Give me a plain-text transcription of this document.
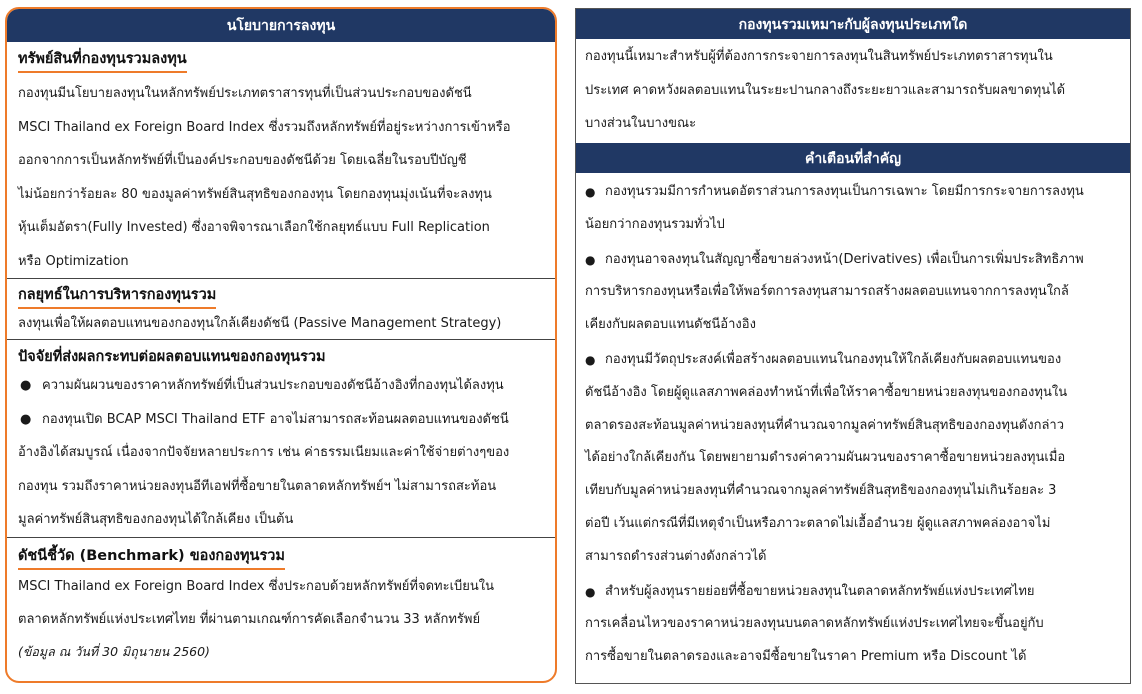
นโยบายการลงทุน
ทรัพย์สินที่กองทุนรวมลงทุน
กองทุนมีนโยบายลงทุนในหลักทรัพย์ประเภทตราสารทุนที่เป็นส่วนประกอบของดัชนี
MSCI Thailand ex Foreign Board Index ซึ่งรวมถึงหลักทรัพย์ที่อยู่ระหว่างการเข้าหรือ
ออกจากการเป็นหลักทรัพย์ที่เป็นองค์ประกอบของดัชนีด้วย โดยเฉลี่ยในรอบปีบัญชี
ไม่น้อยกว่าร้อยละ 80 ของมูลค่าทรัพย์สินสุทธิของกองทุน โดยกองทุนมุ่งเน้นที่จะลงทุน
หุ้นเต็มอัตรา(Fully Invested) ซึ่งอาจพิจารณาเลือกใช้กลยุทธ์แบบ Full Replication
หรือ Optimization
กลยุทธ์ในการบริหารกองทุนรวม
ลงทุนเพื่อให้ผลตอบแทนของกองทุนใกล้เคียงดัชนี (Passive Management Strategy)
ปัจจัยที่ส่งผลกระทบต่อผลตอบแทนของกองทุนรวม
● ความผันผวนของราคาหลักทรัพย์ที่เป็นส่วนประกอบของดัชนีอ้างอิงที่กองทุนได้ลงทุน
● กองทุนเปิด BCAP MSCI Thailand ETF อาจไม่สามารถสะท้อนผลตอบแทนของดัชนี
อ้างอิงได้สมบูรณ์ เนื่องจากปัจจัยหลายประการ เช่น ค่าธรรมเนียมและค่าใช้จ่ายต่างๆของ
กองทุน รวมถึงราคาหน่วยลงทุนอีทีเอฟที่ซื้อขายในตลาดหลักทรัพย์ฯ ไม่สามารถสะท้อน
มูลค่าทรัพย์สินสุทธิของกองทุนได้ใกล้เคียง เป็นต้น
ดัชนีชี้วัด (Benchmark) ของกองทุนรวม
MSCI Thailand ex Foreign Board Index ซึ่งประกอบด้วยหลักทรัพย์ที่จดทะเบียนใน
ตลาดหลักทรัพย์แห่งประเทศไทย ที่ผ่านตามเกณฑ์การคัดเลือกจำนวน 33 หลักทรัพย์
(ข้อมูล ณ วันที่ 30 มิถุนายน 2560)
กองทุนรวมเหมาะกับผู้ลงทุนประเภทใด
กองทุนนี้เหมาะสำหรับผู้ที่ต้องการกระจายการลงทุนในสินทรัพย์ประเภทตราสารทุนใน
ประเทศ คาดหวังผลตอบแทนในระยะปานกลางถึงระยะยาวและสามารถรับผลขาดทุนได้
บางส่วนในบางขณะ
คำเตือนที่สำคัญ
● กองทุนรวมมีการกำหนดอัตราส่วนการลงทุนเป็นการเฉพาะ โดยมีการกระจายการลงทุน
น้อยกว่ากองทุนรวมทั่วไป
● กองทุนอาจลงทุนในสัญญาซื้อขายล่วงหน้า(Derivatives) เพื่อเป็นการเพิ่มประสิทธิภาพ
การบริหารกองทุนหรือเพื่อให้พอร์ตการลงทุนสามารถสร้างผลตอบแทนจากการลงทุนใกล้
เคียงกับผลตอบแทนดัชนีอ้างอิง
● กองทุนมีวัตถุประสงค์เพื่อสร้างผลตอบแทนในกองทุนให้ใกล้เคียงกับผลตอบแทนของ
ดัชนีอ้างอิง โดยผู้ดูแลสภาพคล่องทำหน้าที่เพื่อให้ราคาซื้อขายหน่วยลงทุนของกองทุนใน
ตลาดรองสะท้อนมูลค่าหน่วยลงทุนที่คำนวณจากมูลค่าทรัพย์สินสุทธิของกองทุนดังกล่าว
ได้อย่างใกล้เคียงกัน โดยพยายามดำรงค่าความผันผวนของราคาซื้อขายหน่วยลงทุนเมื่อ
เทียบกับมูลค่าหน่วยลงทุนที่คำนวณจากมูลค่าทรัพย์สินสุทธิของกองทุนไม่เกินร้อยละ 3
ต่อปี เว้นแต่กรณีที่มีเหตุจำเป็นหรือภาวะตลาดไม่เอื้ออำนวย ผู้ดูแลสภาพคล่องอาจไม่
สามารถดำรงส่วนต่างดังกล่าวได้
● สำหรับผู้ลงทุนรายย่อยที่ซื้อขายหน่วยลงทุนในตลาดหลักทรัพย์แห่งประเทศไทย
การเคลื่อนไหวของราคาหน่วยลงทุนบนตลาดหลักทรัพย์แห่งประเทศไทยจะขึ้นอยู่กับ
การซื้อขายในตลาดรองและอาจมีซื้อขายในราคา Premium หรือ Discount ได้
